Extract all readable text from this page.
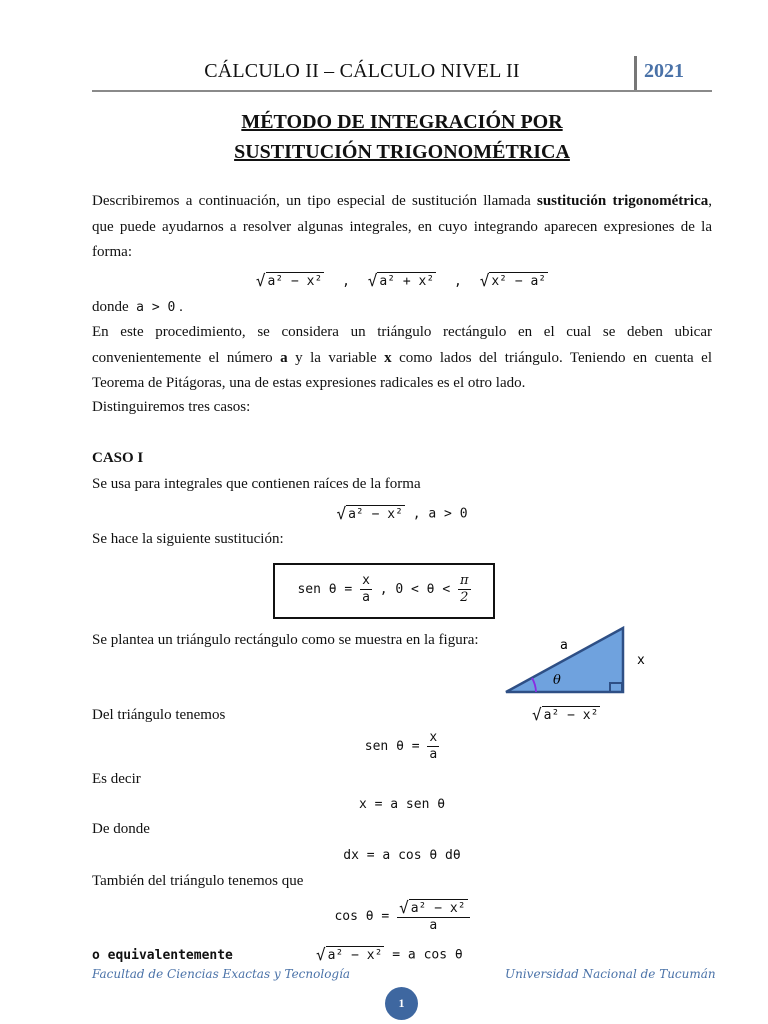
CÁLCULO II – CÁLCULO NIVEL II	2021
MÉTODO DE INTEGRACIÓN POR
SUSTITUCIÓN TRIGONOMÉTRICA
Describiremos a continuación, un tipo especial de sustitución llamada sustitución trigonométrica, que puede ayudarnos a resolver algunas integrales, en cuyo integrando aparecen expresiones de la forma:
√ a² − x² , √ a² + x² , √ x² − a²
donde a > 0 .
En este procedimiento, se considera un triángulo rectángulo en el cual se deben ubicar convenientemente el número a y la variable x como lados del triángulo. Teniendo en cuenta el Teorema de Pitágoras, una de estas expresiones radicales es el otro lado.
Distinguiremos tres casos:
CASO I
Se usa para integrales que contienen raíces de la forma
√ a² − x² , a > 0
Se hace la siguiente sustitución:
sen $\theta = \frac{x}{a}$ , $0 < \theta < \frac{\pi}{2}$
Se plantea un triángulo rectángulo como se muestra en la figura:	a
x
θ
√ a² − x²
Del triángulo tenemos
sen $\theta = \frac{x}{a}$
Es decir
x = a sen θ
De donde
dx = a cos θ dθ
También del triángulo tenemos que
$\cos \theta = \frac{\text{√ a² − x²}}{a}$
o equivalentemente	√ a² − x² = a cos θ
Facultad de Ciencias Exactas y Tecnología	Universidad Nacional de Tucumán
1
